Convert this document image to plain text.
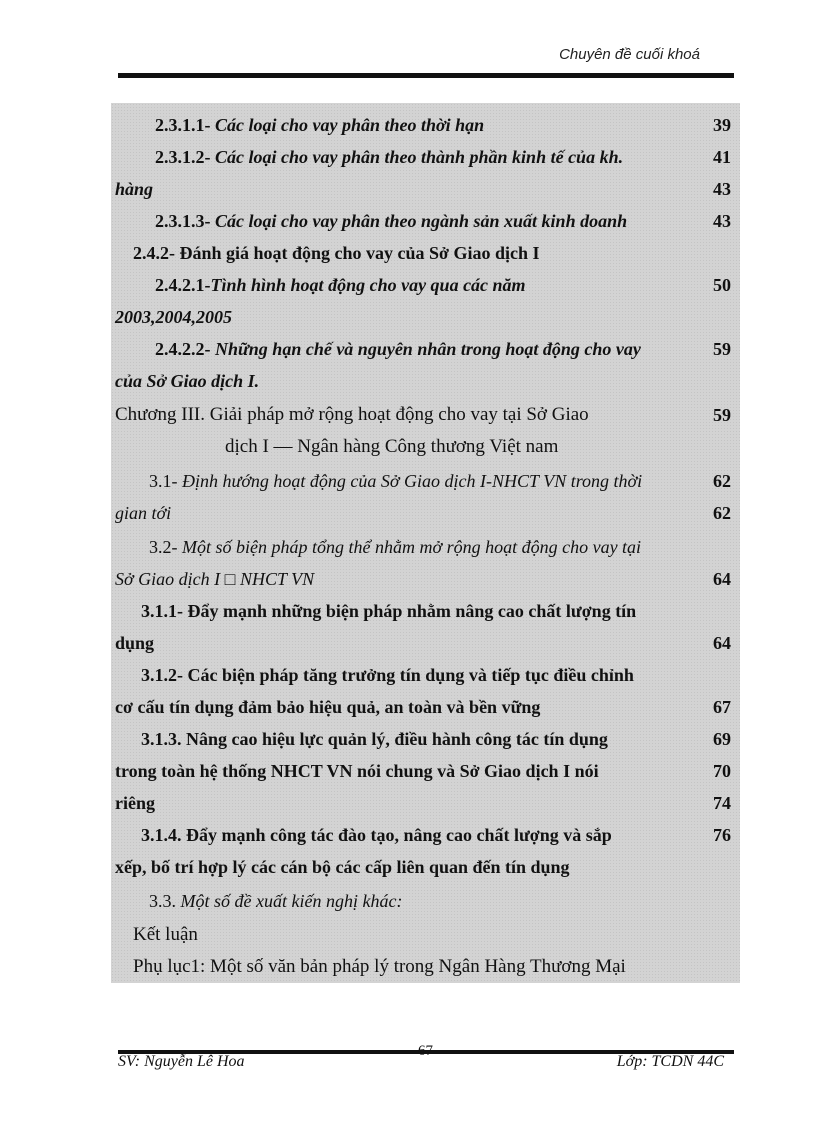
Chuyên đề cuối khoá
2.3.1.1- Các loại cho vay phân theo thời hạn	39
2.3.1.2- Các loại cho vay phân theo thành phần kinh tế của kh.	41
hàng	43
2.3.1.3- Các loại cho vay phân theo ngành sản xuất kinh doanh	43
2.4.2- Đánh giá hoạt động cho vay của Sở Giao dịch I
2.4.2.1-Tình hình hoạt động cho vay qua các năm	50
2003,2004,2005
2.4.2.2- Những hạn chế và nguyên nhân trong hoạt động cho vay	59
của Sở Giao dịch I.
Chương III. Giải pháp mở rộng hoạt động cho vay tại Sở Giao	59
dịch I — Ngân hàng Công thương Việt nam
3.1- Định hướng hoạt động của Sở Giao dịch I-NHCT VN trong thời	62
gian tới	62
3.2- Một số biện pháp tổng thể nhằm mở rộng hoạt động cho vay tại
Sở Giao dịch I □ NHCT VN	64
3.1.1- Đẩy mạnh những biện pháp nhằm nâng cao chất lượng tín
dụng	64
3.1.2- Các biện pháp tăng trưởng tín dụng và tiếp tục điều chỉnh
cơ cấu tín dụng đảm bảo hiệu quả, an toàn và bền vững	67
3.1.3. Nâng cao hiệu lực quản lý, điều hành công tác tín dụng	69
trong toàn hệ thống NHCT VN nói chung và Sở Giao dịch I nói	70
riêng	74
3.1.4. Đẩy mạnh công tác đào tạo, nâng cao chất lượng và sắp	76
xếp, bố trí hợp lý các cán bộ các cấp liên quan đến tín dụng
3.3. Một số đề xuất kiến nghị khác:
Kết luận
Phụ lục1: Một số văn bản pháp lý trong Ngân Hàng Thương Mại
SV: Nguyễn Lê Hoa
67
Lớp: TCDN 44C
